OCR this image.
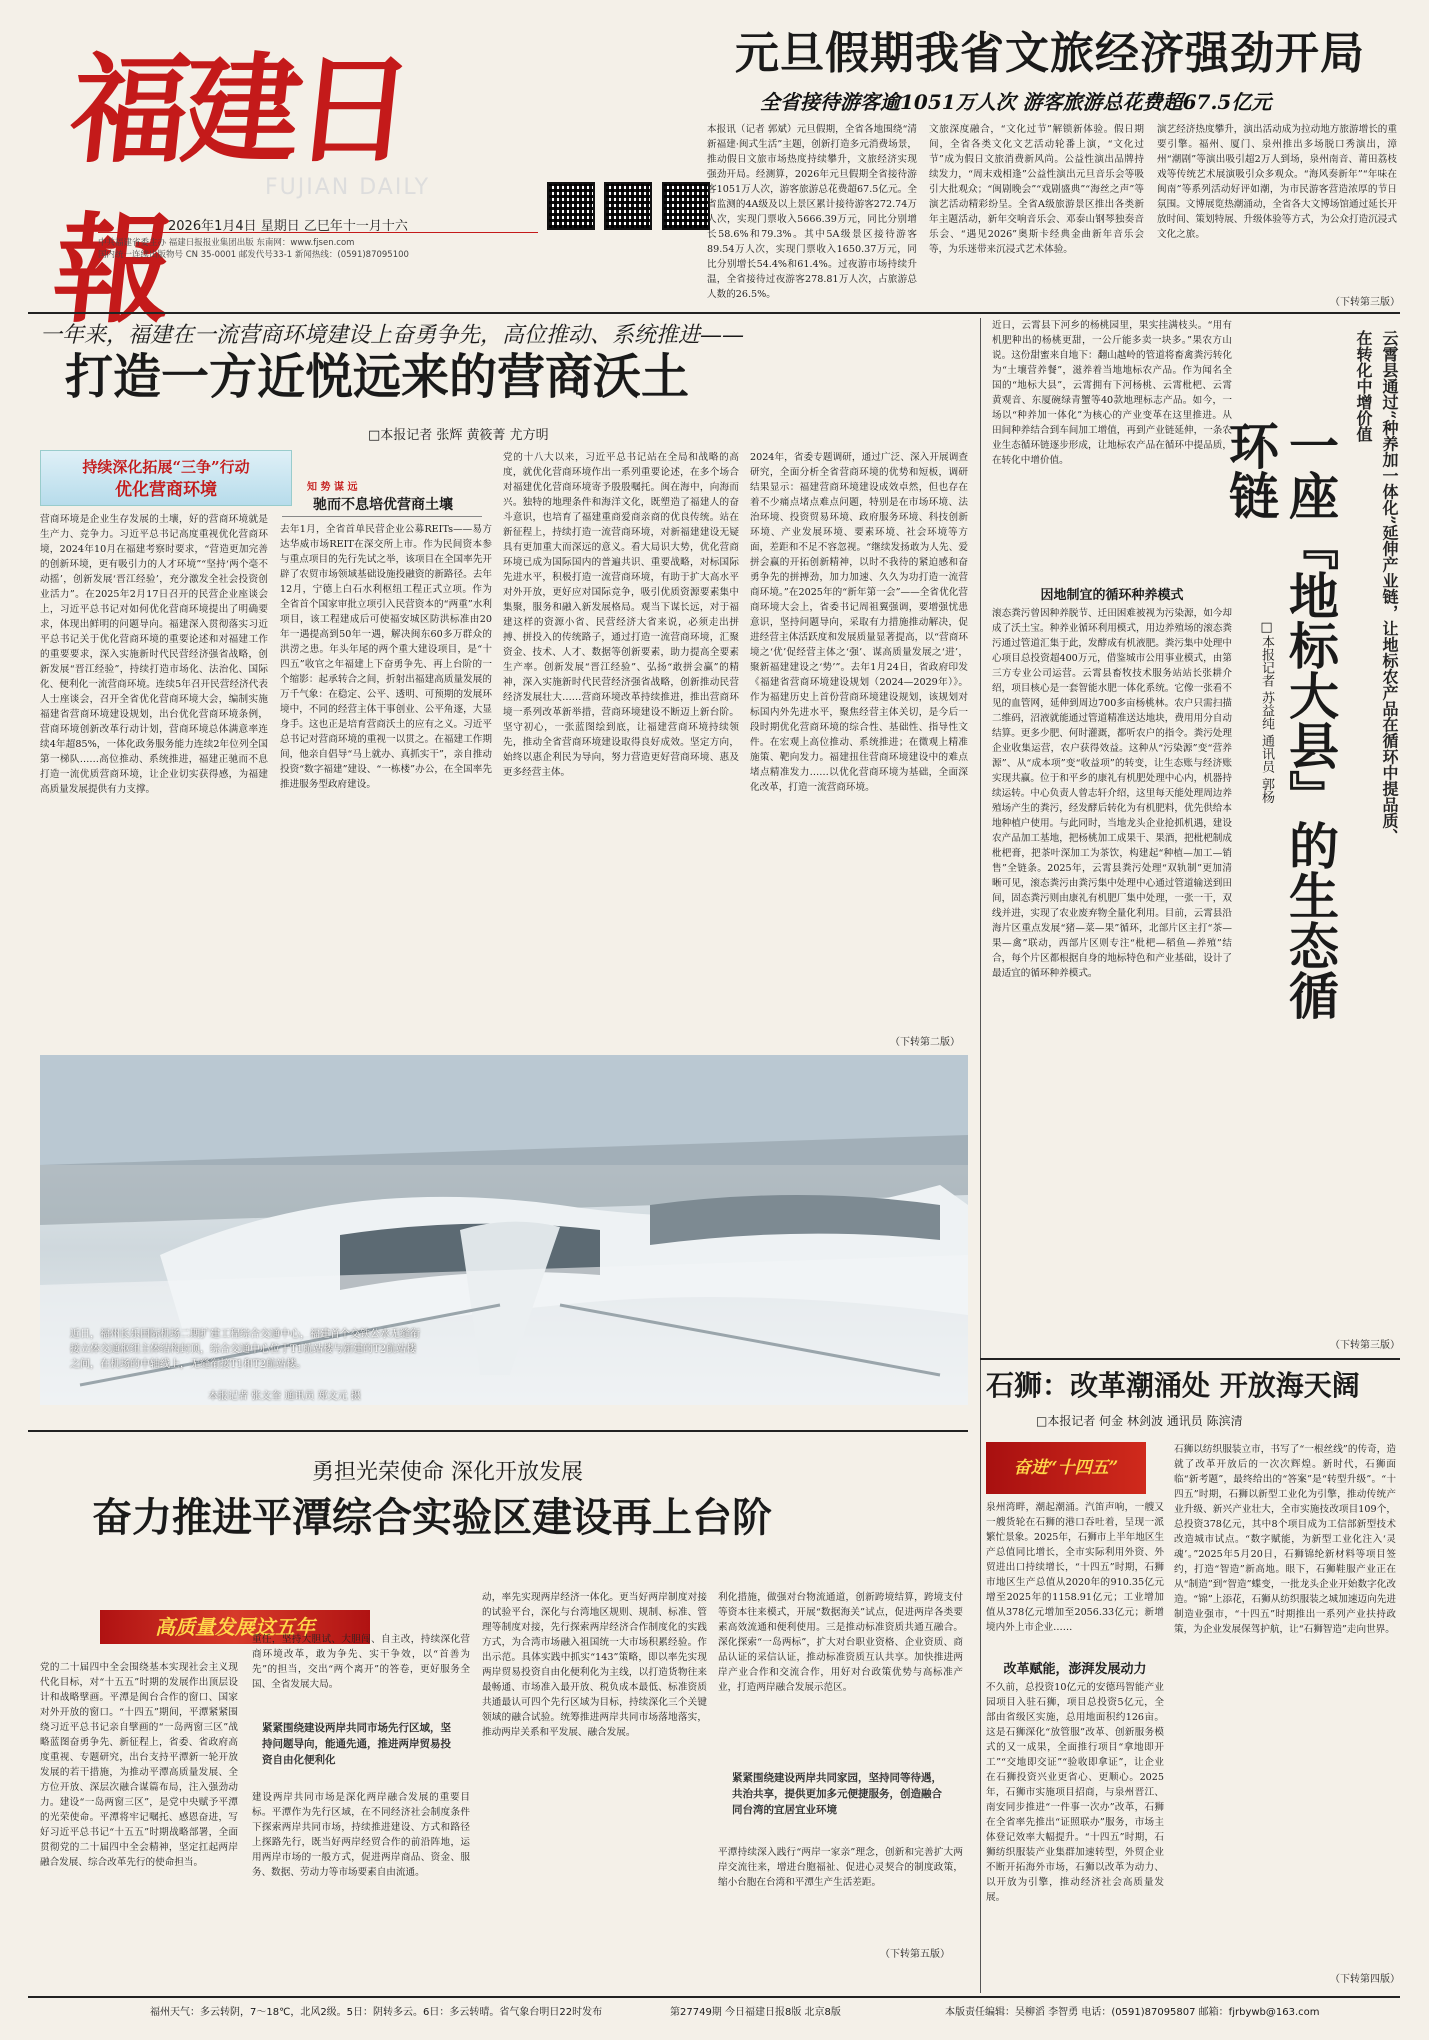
福建日報
FUJIAN DAILY
2026年1月4日 星期日 乙巳年十一月十六
中共福建省委主办 福建日报报业集团出版 东南网：www.fjsen.com
国内统一连续出版物号 CN 35-0001 邮发代号33-1 新闻热线：(0591)87095100
元旦假期我省文旅经济强劲开局
全省接待游客逾1051万人次 游客旅游总花费超67.5亿元
本报讯（记者 郭斌）元旦假期，全省各地围绕“清新福建·闽式生活”主题，创新打造多元消费场景，推动假日文旅市场热度持续攀升，文旅经济实现强劲开局。经测算，2026年元旦假期全省接待游客1051万人次，游客旅游总花费超67.5亿元。全省监测的4A级及以上景区累计接待游客272.74万人次，实现门票收入5666.39万元，同比分别增长58.6%和79.3%。其中5A级景区接待游客89.54万人次，实现门票收入1650.37万元，同比分别增长54.4%和61.4%。过夜游市场持续升温，全省接待过夜游客278.81万人次，占旅游总人数的26.5%。
文旅深度融合，“文化过节”解锁新体验。假日期间，全省各类文化文艺活动轮番上演，“文化过节”成为假日文旅消费新风尚。公益性演出品牌持续发力，“周末戏相逢”公益性演出元旦音乐会等吸引大批观众；“闽剧晚会”“戏剧盛典”“海丝之声”等演艺活动精彩纷呈。全省A级旅游景区推出各类新年主题活动，新年交响音乐会、邓泰山钢琴独奏音乐会、“遇见2026”奥斯卡经典金曲新年音乐会等，为乐迷带来沉浸式艺术体验。
演艺经济热度攀升，演出活动成为拉动地方旅游增长的重要引擎。福州、厦门、泉州推出多场脱口秀演出，漳州“潮剧”等演出吸引超2万人到场，泉州南音、莆田荔枝戏等传统艺术展演吸引众多观众。“海风奏新年”“年味在闽南”等系列活动好评如潮，为市民游客营造浓厚的节日氛围。文博展览热潮涌动，全省各大文博场馆通过延长开放时间、策划特展、升级体验等方式，为公众打造沉浸式文化之旅。
（下转第三版）
一年来，福建在一流营商环境建设上奋勇争先，高位推动、系统推进——
打造一方近悦远来的营商沃土
□本报记者 张辉 黄筱菁 尤方明
持续深化拓展“三争”行动
优化营商环境
营商环境是企业生存发展的土壤，好的营商环境就是生产力、竞争力。习近平总书记高度重视优化营商环境，2024年10月在福建考察时要求，“营造更加完善的创新环境，更有吸引力的人才环境”“坚持‘两个毫不动摇’，创新发展‘晋江经验’，充分激发全社会投资创业活力”。在2025年2月17日召开的民营企业座谈会上，习近平总书记对如何优化营商环境提出了明确要求，体现出鲜明的问题导向。福建深入贯彻落实习近平总书记关于优化营商环境的重要论述和对福建工作的重要要求，深入实施新时代民营经济强省战略，创新发展“晋江经验”，持续打造市场化、法治化、国际化、便利化一流营商环境。连续5年召开民营经济代表人士座谈会，召开全省优化营商环境大会，编制实施福建省营商环境建设规划，出台优化营商环境条例，营商环境创新改革行动计划，营商环境总体满意率连续4年超85%，一体化政务服务能力连续2年位列全国第一梯队……高位推动、系统推进，福建正驰而不息打造一流优质营商环境，让企业切实获得感，为福建高质量发展提供有力支撑。
知 势 谋 远
驰而不息培优营商土壤
去年1月，全省首单民营企业公募REITs——易方达华威市场REIT在深交所上市。作为民间资本参与重点项目的先行先试之举，该项目在全国率先开辟了农贸市场领域基础设施投融资的新路径。去年12月，宁德上白石水利枢纽工程正式立项。作为全省首个国家审批立项引入民营资本的“两重”水利项目，该工程建成后可使福安城区防洪标准由20年一遇提高到50年一遇，解决闽东60多万群众的洪涝之患。年头年尾的两个重大建设项目，是“十四五”收官之年福建上下奋勇争先、再上台阶的一个缩影：起承转合之间，折射出福建高质量发展的万千气象：在稳定、公平、透明、可预期的发展环境中，不同的经营主体干事创业、公平角逐，大显身手。这也正是培育营商沃土的应有之义。习近平总书记对营商环境的重视一以贯之。在福建工作期间，他亲自倡导“马上就办、真抓实干”，亲自推动投资“数字福建”建设、“一栋楼”办公，在全国率先推进服务型政府建设。
党的十八大以来，习近平总书记站在全局和战略的高度，就优化营商环境作出一系列重要论述，在多个场合对福建优化营商环境寄予殷殷嘱托。闽在海中，向海而兴。独特的地理条件和海洋文化，既塑造了福建人的奋斗意识，也培育了福建重商爱商亲商的优良传统。站在新征程上，持续打造一流营商环境，对新福建建设无疑具有更加重大而深远的意义。看大局识大势，优化营商环境已成为国际国内的普遍共识、重要战略，对标国际先进水平，积极打造一流营商环境，有助于扩大高水平对外开放，更好应对国际竞争，吸引优质资源要素集中集聚，服务和融入新发展格局。观当下谋长远，对于福建这样的资源小省、民营经济大省来说，必须走出拼搏、拼投入的传统路子，通过打造一流营商环境，汇聚资金、技术、人才、数据等创新要素，助力提高全要素生产率。创新发展“晋江经验”、弘扬“敢拼会赢”的精神，深入实施新时代民营经济强省战略，创新推动民营经济发展壮大……营商环境改革持续推进，推出营商环境一系列改革新举措，营商环境建设不断迈上新台阶。坚守初心，一张蓝图绘到底，让福建营商环境持续领先，推动全省营商环境建设取得良好成效。坚定方向，始终以惠企利民为导向，努力营造更好营商环境、惠及更多经营主体。
2024年，省委专题调研，通过广泛、深入开展调查研究，全面分析全省营商环境的优势和短板，调研结果显示：福建营商环境建设成效卓然，但也存在着不少痛点堵点难点问题，特别是在市场环境、法治环境、投资贸易环境、政府服务环境、科技创新环境、产业发展环境、要素环境、社会环境等方面，差距和不足不容忽视。“继续发扬敢为人先、爱拼会赢的开拓创新精神，以时不我待的紧迫感和奋勇争先的拼搏劲，加力加速、久久为功打造一流营商环境。”在2025年的“新年第一会”——全省优化营商环境大会上，省委书记周祖翼强调，要增强忧患意识，坚持问题导向，采取有力措施推动解决，促进经营主体活跃度和发展质量显著提高，以“营商环境之‘优’促经营主体之‘强’、谋高质量发展之‘进’，聚新福建建设之‘势’”。去年1月24日，省政府印发《福建省营商环境建设规划（2024—2029年）》。作为福建历史上首份营商环境建设规划，该规划对标国内外先进水平，聚焦经营主体关切，是今后一段时期优化营商环境的综合性、基础性、指导性文件。在宏观上高位推动、系统推进；在微观上精准施策、靶向发力。福建扭住营商环境建设中的难点堵点精准发力……以优化营商环境为基础，全面深化改革，打造一流营商环境。
（下转第二版）
近日，福州长乐国际机场二期扩建工程综合交通中心，福建首个交铁公水无缝衔接立体交通枢纽主体结构封顶，综合交通中心位于T1航站楼与新建的T2航站楼之间，在机场的中轴线上，无缝衔接T1和T2航站楼。
本报记者 张文奎 通讯员 郑文元 摄
勇担光荣使命 深化开放发展
奋力推进平潭综合实验区建设再上台阶
高质量发展这五年
党的二十届四中全会围绕基本实现社会主义现代化目标，对“十五五”时期的发展作出顶层设计和战略擘画。平潭是闽台合作的窗口、国家对外开放的窗口。“十四五”期间，平潭紧紧围绕习近平总书记亲自擘画的“一岛两窗三区”战略蓝图奋勇争先、新征程上，省委、省政府高度重视、专题研究，出台支持平潭新一轮开放发展的若干措施，为推动平潭高质量发展、全方位开放、深层次融合谋篇布局，注入强劲动力。建设“一岛两窗三区”，是党中央赋予平潭的光荣使命。平潭将牢记嘱托、感恩奋进，写好习近平总书记“十五五”时期战略部署，全面贯彻党的二十届四中全会精神，坚定扛起两岸融合发展、综合改革先行的使命担当。
重任，坚持大胆试、大胆闯、自主改，持续深化营商环境改革，敢为争先、实干争效，以“首善为先”的担当，交出“两个离开”的答卷，更好服务全国、全省发展大局。
紧紧围绕建设两岸共同市场先行区域，坚持问题导向，能通先通，推进两岸贸易投资自由化便利化
建设两岸共同市场是深化两岸融合发展的重要目标。平潭作为先行区域，在不同经济社会制度条件下探索两岸共同市场，持续推进建设、方式和路径上探路先行，既当好两岸经贸合作的前沿阵地，运用两岸市场的一般方式，促进两岸商品、资金、服务、数据、劳动力等市场要素自由流通。
动，率先实现两岸经济一体化。更当好两岸制度对接的试验平台，深化与台湾地区规则、规制、标准、管理等制度对接，先行探索两岸经济合作制度化的实践方式，为合湾市场融入祖国统一大市场积累经验。作出示范。具体实践中抓实“143”策略，即以率先实现两岸贸易投资自由化便利化为主线，以打造货物往来最畅通、市场准入最开放、税负成本最低、标准资质共通最认可四个先行区域为目标，持续深化三个关键领域的融合试验。统筹推进两岸共同市场落地落实，推动两岸关系和平发展、融合发展。
利化措施，做强对台物流通道，创新跨境结算，跨境支付等资本往来模式，开展“数据海关”试点，促进两岸各类要素高效流通和便利使用。三是推动标准资质共通互融合。深化探索“一岛两标”，扩大对台职业资格、企业资质、商品认证的采信认证，推动标准资质互认共享。加快推进两岸产业合作和交流合作，用好对台政策优势与高标准产业，打造两岸融合发展示范区。
紧紧围绕建设两岸共同家园，坚持同等待遇，共治共享，提供更加多元便捷服务，创造融合同台湾的宜居宜业环境
平潭持续深入践行“两岸一家亲”理念，创新和完善扩大两岸交流往来，增进台胞福祉、促进心灵契合的制度政策，缩小台胞在台湾和平潭生产生活差距。
（下转第五版）
近日，云霄县下河乡的杨桃园里，果实挂满枝头。“用有机肥种出的杨桃更甜，一公斤能多卖一块多。”果农方山说。这份甜蜜来自地下：翻山越岭的管道将畜禽粪污转化为“土壤营养餐”，滋养着当地地标农产品。作为闻名全国的“地标大县”，云霄拥有下河杨桃、云霄枇杷、云霄黄观音、东厦碗绿青蟹等40款地理标志产品。如今，一场以“种养加一体化”为核心的产业变革在这里推进。从田间种养结合到车间加工增值，再到产业链延伸，一条农业生态循环链逐步形成，让地标农产品在循环中提品质，在转化中增价值。	云霄县通过“种养加一体化”延伸产业链，让地标农产品在循环中提品质、在转化中增价值
一座『地标大县』的生态循环链
□本报记者 苏益纯 通讯员 郭杨
因地制宜的循环种养模式
滚态粪污曾因种养脱节、迁田困难被视为污染源，如今却成了沃土宝。种养业循环利用模式，用边养殖场的滚态粪污通过管道汇集于此，发酵成有机液肥。粪污集中处理中心项目总投资超400万元，借鉴城市公用事业模式，由第三方专业公司运营。云霄县畜牧技术服务站站长张耕介绍，项目核心是一套智能水肥一体化系统。它像一张看不见的血管网，延伸到周边700多亩杨桃林。农户只需扫描二维码，沼液就能通过管道精准送达地块，费用用分自动结算。更多少肥、何时灌溉，都听农户的指令。粪污处理企业收集运营，农户获得效益。这种从“污染源”变“营养源”、从“成本项”变“收益项”的转变，让生态账与经济账实现共赢。位于和平乡的康礼有机肥处理中心内，机器持续运转。中心负责人曾志轩介绍，这里每天能处理周边养殖场产生的粪污，经发酵后转化为有机肥料，优先供给本地种植户使用。与此同时，当地龙头企业抢抓机遇，建设农产品加工基地，把杨桃加工成果干、果酒，把枇杷制成枇杷膏，把茶叶深加工为茶饮，构建起“种植—加工—销售”全链条。2025年，云霄县粪污处理“双轨制”更加清晰可见，滚态粪污由粪污集中处理中心通过管道输送到田间，固态粪污则由康礼有机肥厂集中处理，一张一干，双线并进，实现了农业废弃物全量化利用。目前，云霄县沿海片区重点发展“猪—菜—果”循环，北部片区主打“茶—果—禽”联动，西部片区则专注“枇杷—稻鱼—养殖”结合，每个片区都根据自身的地标特色和产业基础，设计了最适宜的循环种养模式。
（下转第三版）
石狮：改革潮涌处 开放海天阔
□本报记者 何金 林剑波 通讯员 陈滨清
奋进“十四五”
泉州湾畔，潮起潮涌。汽笛声响，一艘又一艘货轮在石狮的港口吞吐着，呈现一派繁忙景象。2025年，石狮市上半年地区生产总值同比增长，全市实际利用外资、外贸进出口持续增长，“十四五”时期，石狮市地区生产总值从2020年的910.35亿元增至2025年的1158.91亿元；工业增加值从378亿元增加至2056.33亿元；新增境内外上市企业……
改革赋能，澎湃发展动力
不久前，总投资10亿元的安德玛智能产业园项目入驻石狮，项目总投资5亿元，全部由省级区实施，总用地面积约126亩。这是石狮深化“放管服”改革、创新服务模式的又一成果，全面推行项目“拿地即开工”“交地即交证”“验收即拿证”，让企业在石狮投资兴业更省心、更顺心。2025年，石狮市实施项目招商，与泉州晋江、南安同步推进“一件事一次办”改革，石狮在全省率先推出“证照联办”服务，市场主体登记效率大幅提升。“十四五”时期，石狮纺织服装产业集群加速转型，外贸企业不断开拓海外市场，石狮以改革为动力、以开放为引擎，推动经济社会高质量发展。
石狮以纺织服装立市，书写了“一根丝线”的传奇，造就了改革开放后的一次次辉煌。新时代，石狮面临“新考题”，最终给出的“答案”是“转型升级”。“十四五”时期，石狮以新型工业化为引擎，推动传统产业升级、新兴产业壮大，全市实施技改项目109个，总投资378亿元，其中8个项目成为工信部新型技术改造城市试点。“数字赋能，为新型工业化注入‘灵魂’。”2025年5月20日，石狮锦纶新材料等项目签约，打造“智造”新高地。眼下，石狮鞋服产业正在从“制造”到“智造”蝶变，一批龙头企业开始数字化改造。“锦”上添花，石狮从纺织服装之城加速迈向先进制造业强市，“十四五”时期推出一系列产业扶持政策，为企业发展保驾护航，让“石狮智造”走向世界。
（下转第四版）
福州天气：多云转阴，7～18℃，北风2级。5日：阴转多云。6日：多云转晴。省气象台明日22时发布	第27749期 今日福建日报8版 北京8版	本版责任编辑：吴柳滔 李智勇 电话：(0591)87095807 邮箱：fjrbywb@163.com
